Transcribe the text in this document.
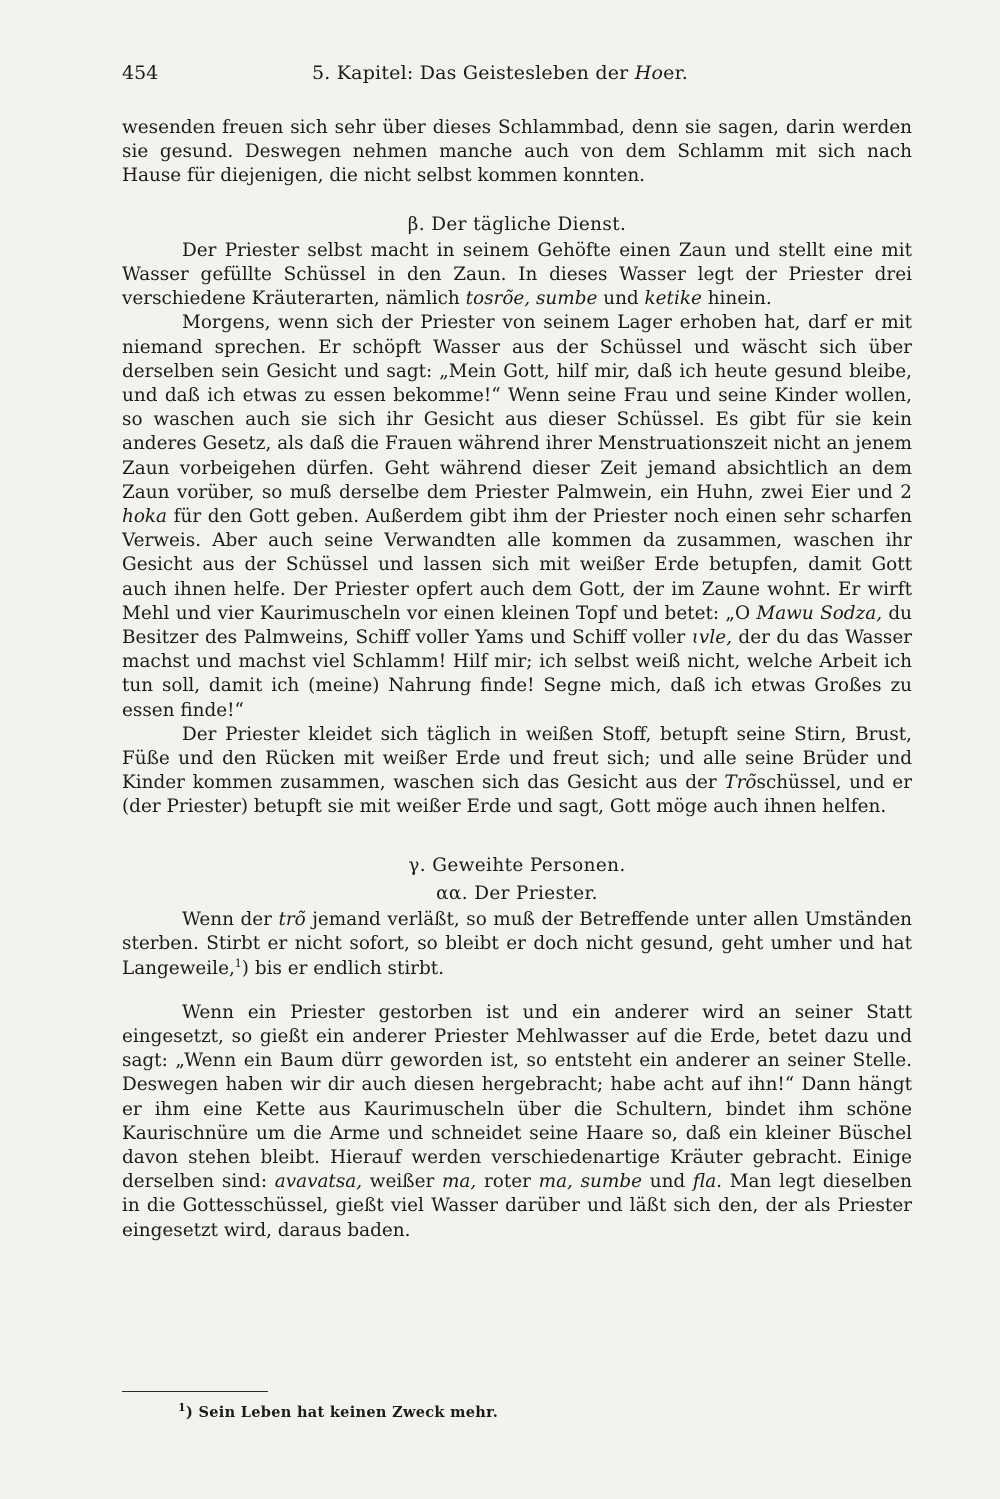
454	5. Kapitel: Das Geistesleben der Hoer.

wesenden freuen sich sehr über dieses Schlammbad, denn sie sagen, darin werden sie gesund. Deswegen nehmen manche auch von dem Schlamm mit sich nach Hause für diejenigen, die nicht selbst kommen konnten.

β. Der tägliche Dienst.

Der Priester selbst macht in seinem Gehöfte einen Zaun und stellt eine mit Wasser gefüllte Schüssel in den Zaun. In dieses Wasser legt der Priester drei verschiedene Kräuterarten, nämlich tosrõe, sumbe und ketike hinein.

Morgens, wenn sich der Priester von seinem Lager erhoben hat, darf er mit niemand sprechen. Er schöpft Wasser aus der Schüssel und wäscht sich über derselben sein Gesicht und sagt: „Mein Gott, hilf mir, daß ich heute gesund bleibe, und daß ich etwas zu essen bekomme!“ Wenn seine Frau und seine Kinder wollen, so waschen auch sie sich ihr Gesicht aus dieser Schüssel. Es gibt für sie kein anderes Gesetz, als daß die Frauen während ihrer Menstruationszeit nicht an jenem Zaun vorbeigehen dürfen. Geht während dieser Zeit jemand absichtlich an dem Zaun vorüber, so muß derselbe dem Priester Palmwein, ein Huhn, zwei Eier und 2 hoka für den Gott geben. Außerdem gibt ihm der Priester noch einen sehr scharfen Verweis. Aber auch seine Verwandten alle kommen da zusammen, waschen ihr Gesicht aus der Schüssel und lassen sich mit weißer Erde betupfen, damit Gott auch ihnen helfe. Der Priester opfert auch dem Gott, der im Zaune wohnt. Er wirft Mehl und vier Kaurimuscheln vor einen kleinen Topf und betet: „O Mawu Sodza, du Besitzer des Palmweins, Schiff voller Yams und Schiff voller ɩvle, der du das Wasser machst und machst viel Schlamm! Hilf mir; ich selbst weiß nicht, welche Arbeit ich tun soll, damit ich (meine) Nahrung finde! Segne mich, daß ich etwas Großes zu essen finde!“

Der Priester kleidet sich täglich in weißen Stoff, betupft seine Stirn, Brust, Füße und den Rücken mit weißer Erde und freut sich; und alle seine Brüder und Kinder kommen zusammen, waschen sich das Gesicht aus der Trõschüssel, und er (der Priester) betupft sie mit weißer Erde und sagt, Gott möge auch ihnen helfen.

γ. Geweihte Personen.

αα. Der Priester.

Wenn der trõ jemand verläßt, so muß der Betreffende unter allen Umständen sterben. Stirbt er nicht sofort, so bleibt er doch nicht gesund, geht umher und hat Langeweile,$^1$) bis er endlich stirbt.

Wenn ein Priester gestorben ist und ein anderer wird an seiner Statt eingesetzt, so gießt ein anderer Priester Mehlwasser auf die Erde, betet dazu und sagt: „Wenn ein Baum dürr geworden ist, so entsteht ein anderer an seiner Stelle. Deswegen haben wir dir auch diesen hergebracht; habe acht auf ihn!“ Dann hängt er ihm eine Kette aus Kaurimuscheln über die Schultern, bindet ihm schöne Kaurischnüre um die Arme und schneidet seine Haare so, daß ein kleiner Büschel davon stehen bleibt. Hierauf werden verschiedenartige Kräuter gebracht. Einige derselben sind: avavatsa, weißer ma, roter ma, sumbe und fla. Man legt dieselben in die Gottesschüssel, gießt viel Wasser darüber und läßt sich den, der als Priester eingesetzt wird, daraus baden.

$^1$) Sein Leben hat keinen Zweck mehr.
